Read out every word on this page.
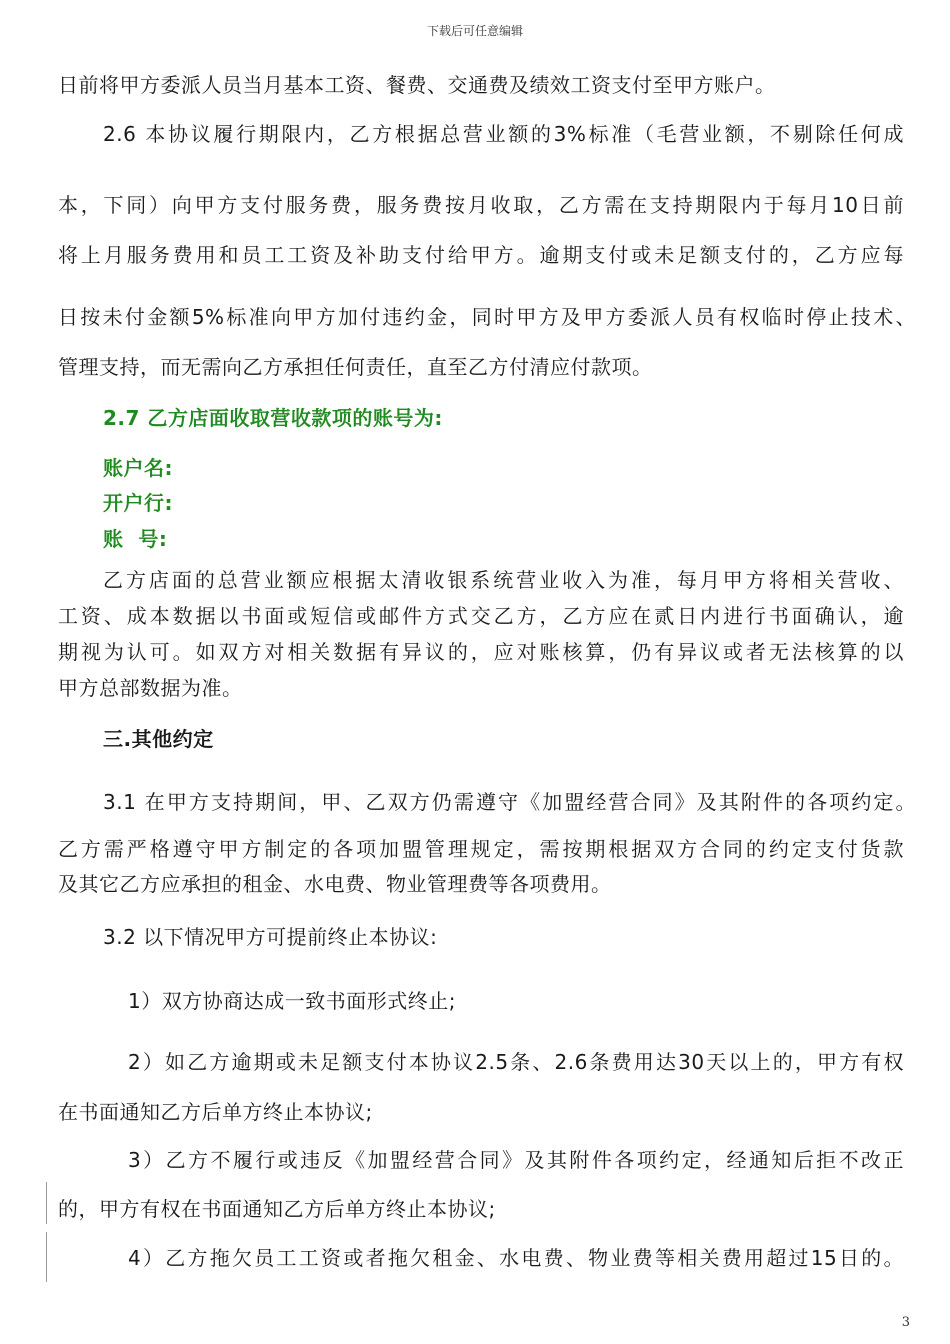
下载后可任意编辑
日前将甲方委派人员当月基本工资、餐费、交通费及绩效工资支付至甲方账户。
2.6 本协议履行期限内，乙方根据总营业额的3%标准（毛营业额，不剔除任何成
本，下同）向甲方支付服务费，服务费按月收取，乙方需在支持期限内于每月10日前
将上月服务费用和员工工资及补助支付给甲方。逾期支付或未足额支付的，乙方应每
日按未付金额5%标准向甲方加付违约金，同时甲方及甲方委派人员有权临时停止技术、
管理支持，而无需向乙方承担任何责任，直至乙方付清应付款项。
2.7 乙方店面收取营收款项的账号为:
账户名:
开户行:
账  号:
乙方店面的总营业额应根据太清收银系统营业收入为准，每月甲方将相关营收、
工资、成本数据以书面或短信或邮件方式交乙方，乙方应在贰日内进行书面确认，逾
期视为认可。如双方对相关数据有异议的，应对账核算，仍有异议或者无法核算的以
甲方总部数据为准。
三.其他约定
3.1 在甲方支持期间，甲、乙双方仍需遵守《加盟经营合同》及其附件的各项约定。
乙方需严格遵守甲方制定的各项加盟管理规定，需按期根据双方合同的约定支付货款
及其它乙方应承担的租金、水电费、物业管理费等各项费用。
3.2 以下情况甲方可提前终止本协议:
1）双方协商达成一致书面形式终止;
2）如乙方逾期或未足额支付本协议2.5条、2.6条费用达30天以上的，甲方有权
在书面通知乙方后单方终止本协议;
3）乙方不履行或违反《加盟经营合同》及其附件各项约定，经通知后拒不改正
的，甲方有权在书面通知乙方后单方终止本协议;
4）乙方拖欠员工工资或者拖欠租金、水电费、物业费等相关费用超过15日的。
3
